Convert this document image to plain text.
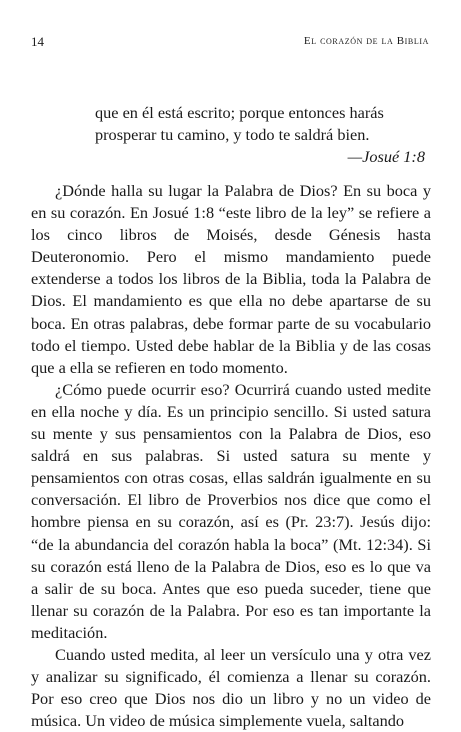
14	El corazón de la Biblia
que en él está escrito; porque entonces harás
prosperar tu camino, y todo te saldrá bien.
—Josué 1:8

¿Dónde halla su lugar la Palabra de Dios? En su boca y en su corazón. En Josué 1:8 “este libro de la ley” se refiere a los cinco libros de Moisés, desde Génesis hasta Deuteronomio. Pero el mismo mandamiento puede extenderse a todos los libros de la Biblia, toda la Palabra de Dios. El mandamiento es que ella no debe apartarse de su boca. En otras palabras, debe formar parte de su vocabulario todo el tiempo. Usted debe hablar de la Biblia y de las cosas que a ella se refieren en todo momento.

¿Cómo puede ocurrir eso? Ocurrirá cuando usted medite en ella noche y día. Es un principio sencillo. Si usted satura su mente y sus pensamientos con la Palabra de Dios, eso saldrá en sus palabras. Si usted satura su mente y pensamientos con otras cosas, ellas saldrán igualmente en su conversación. El libro de Proverbios nos dice que como el hombre piensa en su corazón, así es (Pr. 23:7). Jesús dijo: “de la abundancia del corazón habla la boca” (Mt. 12:34). Si su corazón está lleno de la Palabra de Dios, eso es lo que va a salir de su boca. Antes que eso pueda suceder, tiene que llenar su corazón de la Palabra. Por eso es tan importante la meditación.

Cuando usted medita, al leer un versículo una y otra vez y analizar su significado, él comienza a llenar su corazón. Por eso creo que Dios nos dio un libro y no un video de música. Un video de música simplemente vuela, saltando
